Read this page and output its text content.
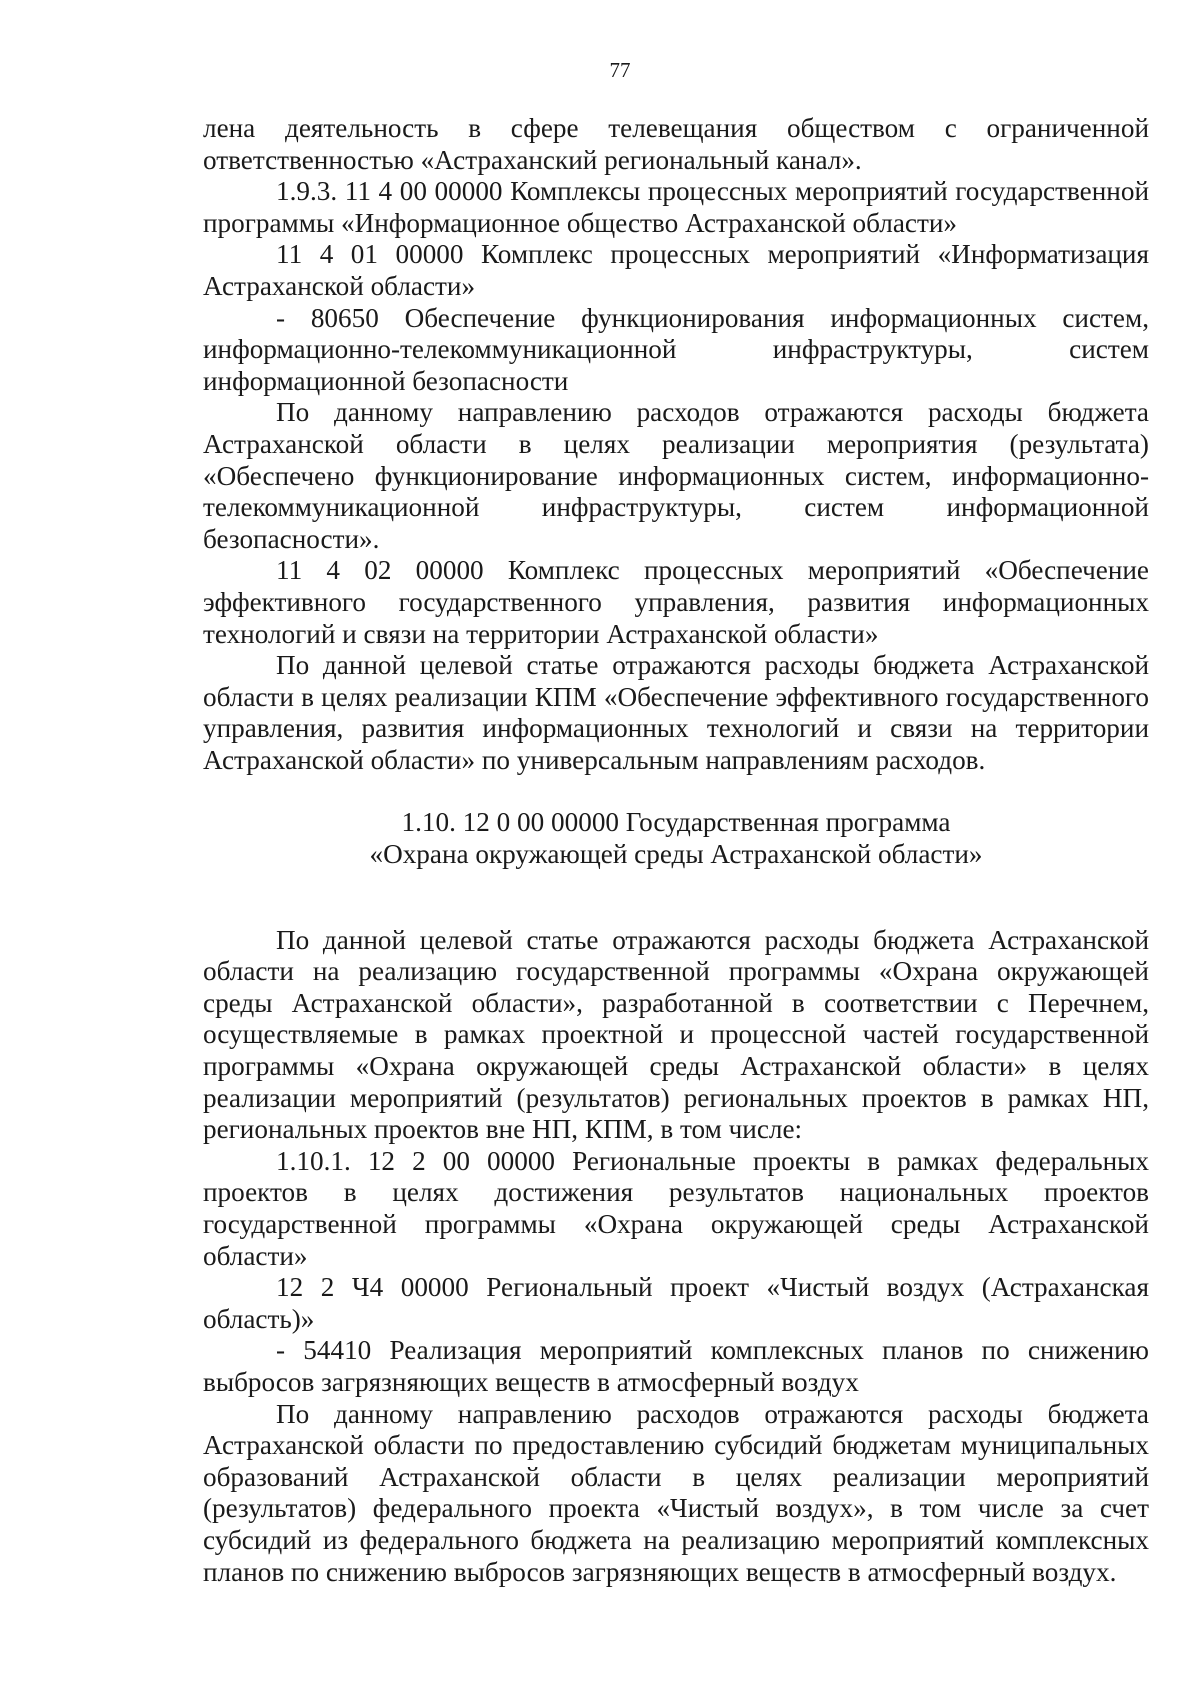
77

лена деятельность в сфере телевещания обществом с ограниченной ответственностью «Астраханский региональный канал».

1.9.3. 11 4 00 00000 Комплексы процессных мероприятий государственной программы «Информационное общество Астраханской области»

11 4 01 00000 Комплекс процессных мероприятий «Информатизация Астраханской области»

- 80650 Обеспечение функционирования информационных систем, информационно-телекоммуникационной инфраструктуры, систем информационной безопасности

По данному направлению расходов отражаются расходы бюджета Астраханской области в целях реализации мероприятия (результата) «Обеспечено функционирование информационных систем, информационно-телекоммуникационной инфраструктуры, систем информационной безопасности».

11 4 02 00000 Комплекс процессных мероприятий «Обеспечение эффективного государственного управления, развития информационных технологий и связи на территории Астраханской области»

По данной целевой статье отражаются расходы бюджета Астраханской области в целях реализации КПМ «Обеспечение эффективного государственного управления, развития информационных технологий и связи на территории Астраханской области» по универсальным направлениям расходов.

1.10. 12 0 00 00000 Государственная программа

«Охрана окружающей среды Астраханской области»

По данной целевой статье отражаются расходы бюджета Астраханской области на реализацию государственной программы «Охрана окружающей среды Астраханской области», разработанной в соответствии с Перечнем, осуществляемые в рамках проектной и процессной частей государственной программы «Охрана окружающей среды Астраханской области» в целях реализации мероприятий (результатов) региональных проектов в рамках НП, региональных проектов вне НП, КПМ, в том числе:

1.10.1. 12 2 00 00000 Региональные проекты в рамках федеральных проектов в целях достижения результатов национальных проектов государственной программы «Охрана окружающей среды Астраханской области»

12 2 Ч4 00000 Региональный проект «Чистый воздух (Астраханская область)»

- 54410 Реализация мероприятий комплексных планов по снижению выбросов загрязняющих веществ в атмосферный воздух

По данному направлению расходов отражаются расходы бюджета Астраханской области по предоставлению субсидий бюджетам муниципальных образований Астраханской области в целях реализации мероприятий (результатов) федерального проекта «Чистый воздух», в том числе за счет субсидий из федерального бюджета на реализацию мероприятий комплексных планов по снижению выбросов загрязняющих веществ в атмосферный воздух.
